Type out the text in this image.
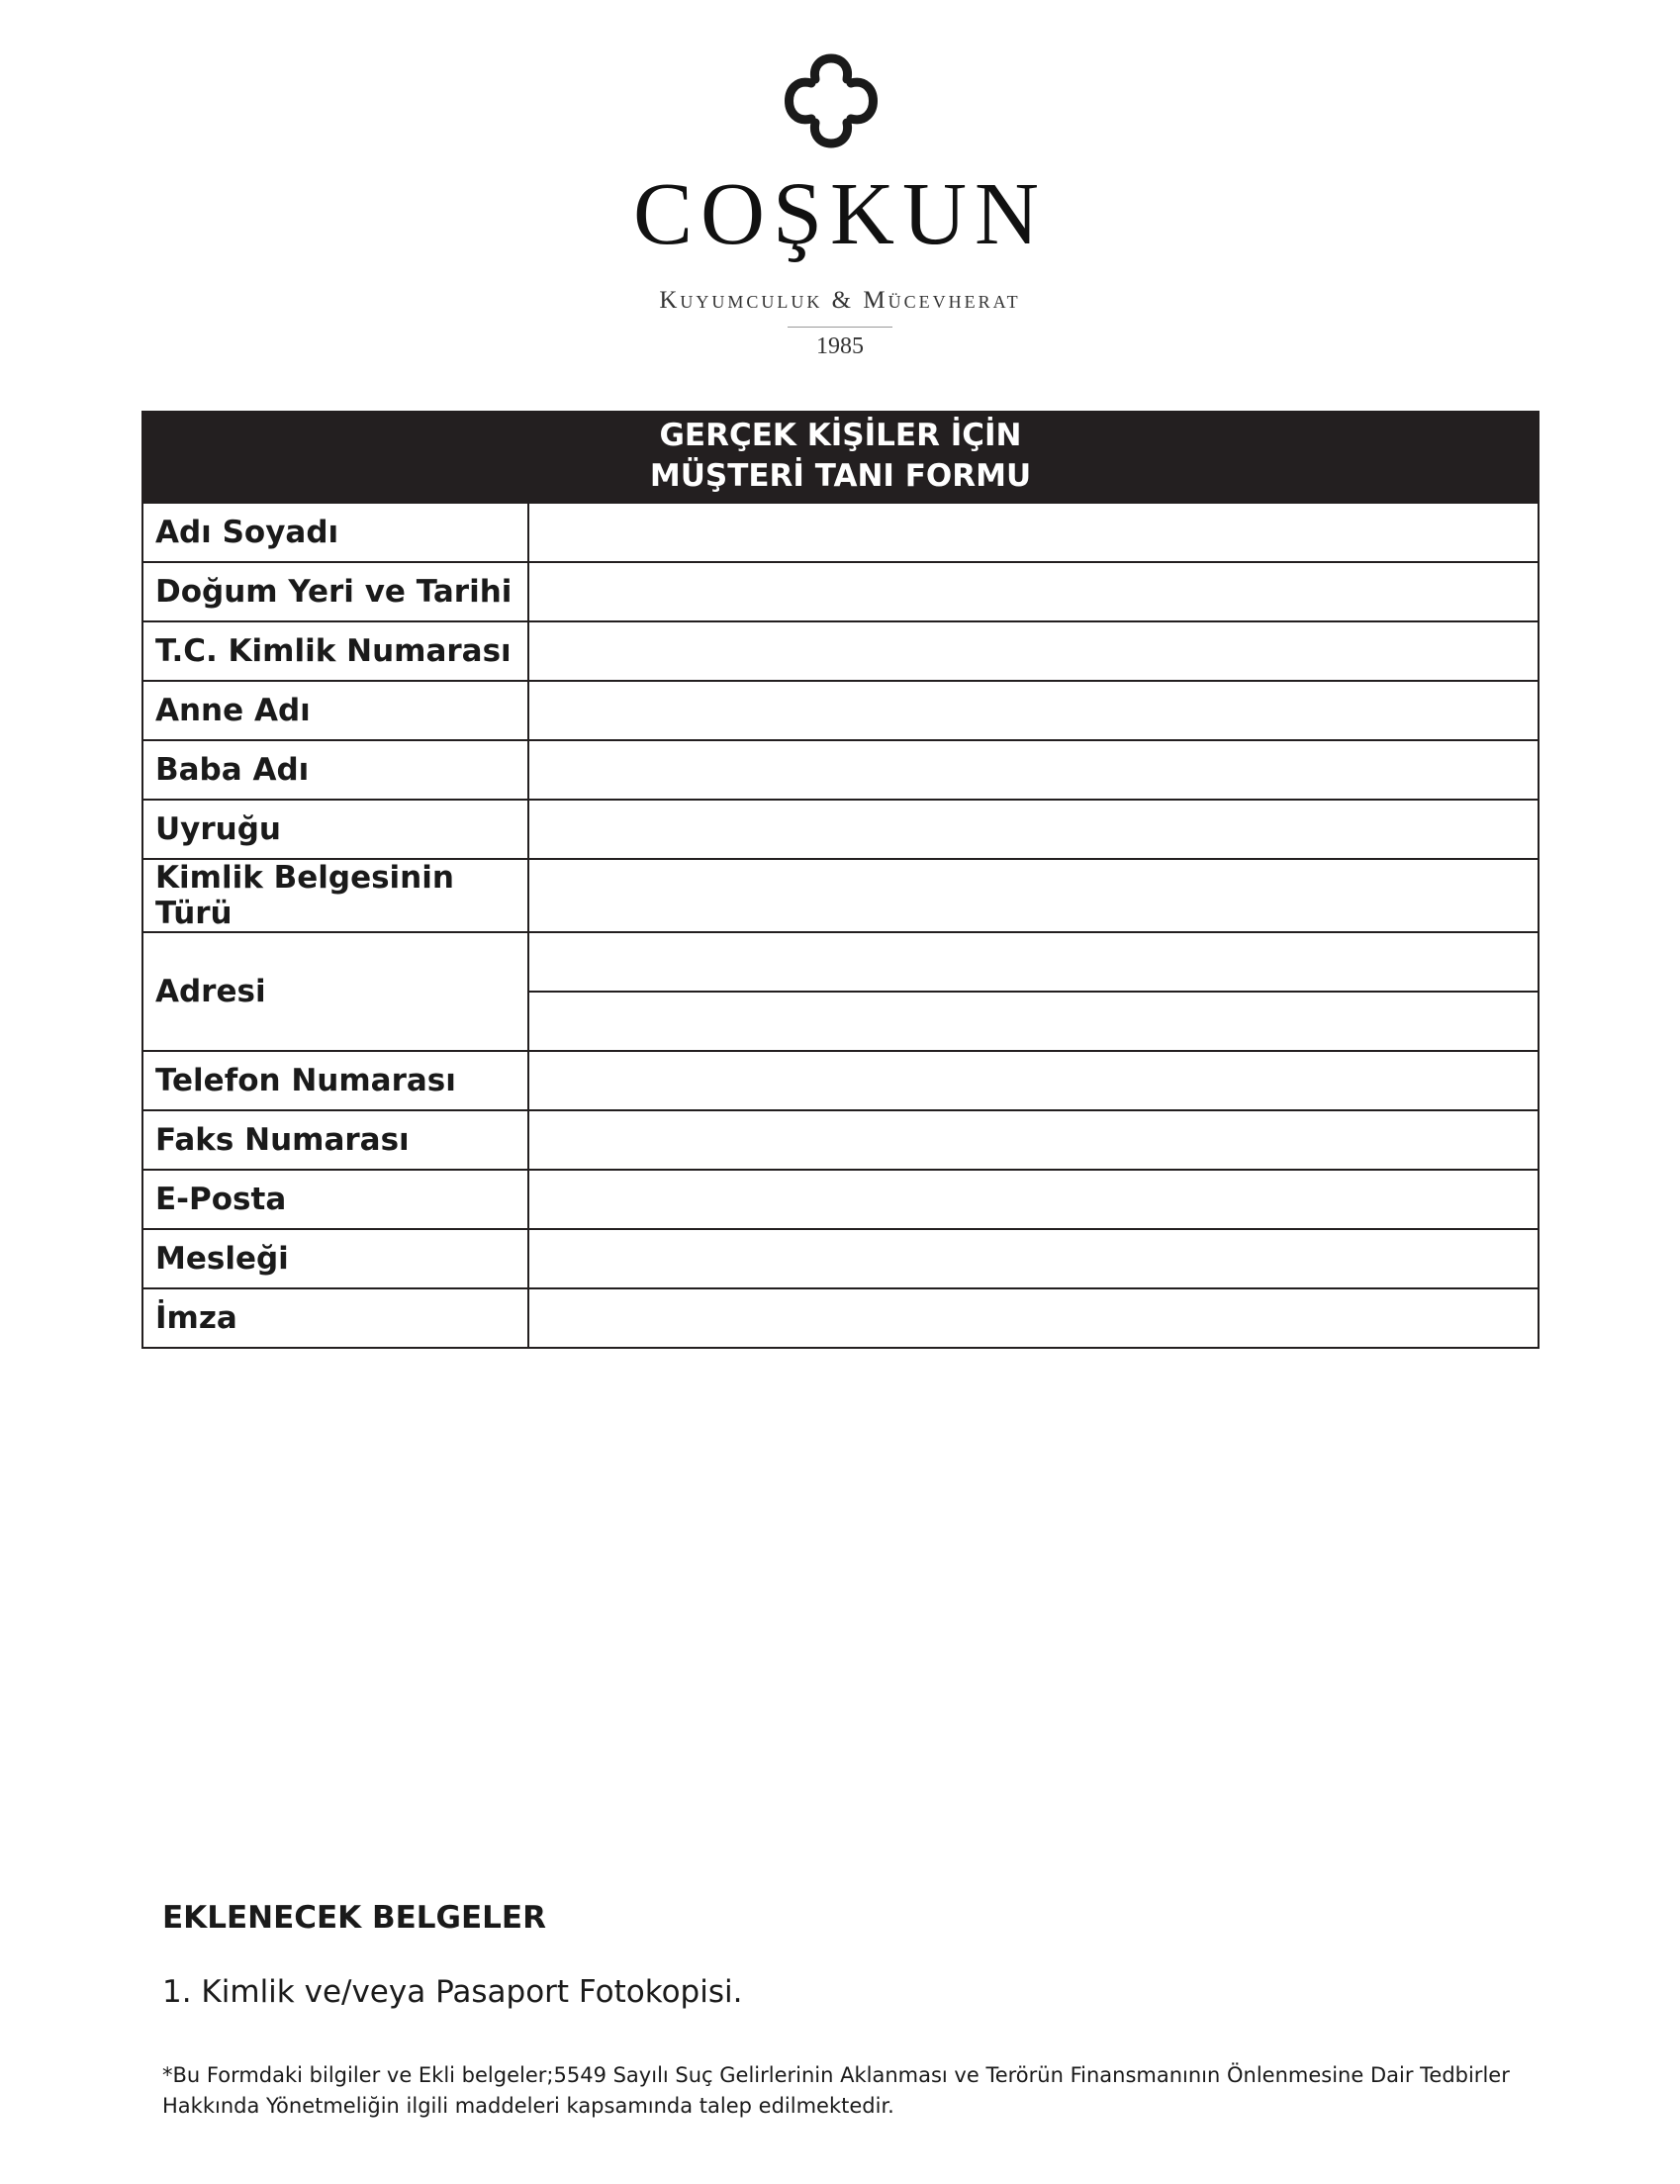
COŞKUN
Kuyumculuk & Mücevherat
1985
GERÇEK KİŞİLER İÇİN
MÜŞTERİ TANI FORMU
Adı Soyadı	
Doğum Yeri ve Tarihi	
T.C. Kimlik Numarası	
Anne Adı	
Baba Adı	
Uyruğu	
Kimlik Belgesinin Türü	
Adresi	

Telefon Numarası	
Faks Numarası	
E-Posta	
Mesleği	
İmza	
EKLENECEK BELGELER
1. Kimlik ve/veya Pasaport Fotokopisi.
*Bu Formdaki bilgiler ve Ekli belgeler;5549 Sayılı Suç Gelirlerinin Aklanması ve Terörün Finansmanının Önlenmesine Dair Tedbirler Hakkında Yönetmeliğin ilgili maddeleri kapsamında talep edilmektedir.
